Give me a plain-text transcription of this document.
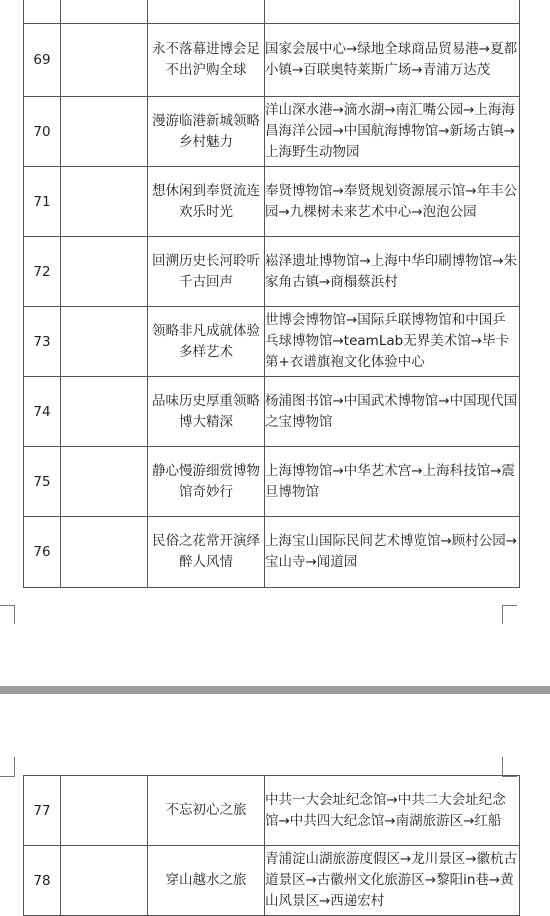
69		永不落幕进博会足不出沪购全球	国家会展中心→绿地全球商品贸易港→夏都小镇→百联奥特莱斯广场→青浦万达茂
70		漫游临港新城领略乡村魅力	洋山深水港→滴水湖→南汇嘴公园→上海海昌海洋公园→中国航海博物馆→新场古镇→上海野生动物园
71		想休闲到奉贤流连欢乐时光	奉贤博物馆→奉贤规划资源展示馆→年丰公园→九棵树未来艺术中心→泡泡公园
72		回溯历史长河聆听千古回声	崧泽遗址博物馆→上海中华印刷博物馆→朱家角古镇→商榻蔡浜村
73		领略非凡成就体验多样艺术	世博会博物馆→国际乒联博物馆和中国乒乓球博物馆→teamLab无界美术馆→毕卡第+衣谱旗袍文化体验中心
74		品味历史厚重领略博大精深	杨浦图书馆→中国武术博物馆→中国现代国之宝博物馆
75		静心慢游细赏博物馆奇妙行	上海博物馆→中华艺术宫→上海科技馆→震旦博物馆
76		民俗之花常开演绎醉人风情	上海宝山国际民间艺术博览馆→顾村公园→宝山寺→闻道园
77		不忘初心之旅	中共一大会址纪念馆→中共二大会址纪念馆→中共四大纪念馆→南湖旅游区→红船
78		穿山越水之旅	青浦淀山湖旅游度假区→龙川景区→徽杭古道景区→古徽州文化旅游区→黎阳in巷→黄山风景区→西递宏村
